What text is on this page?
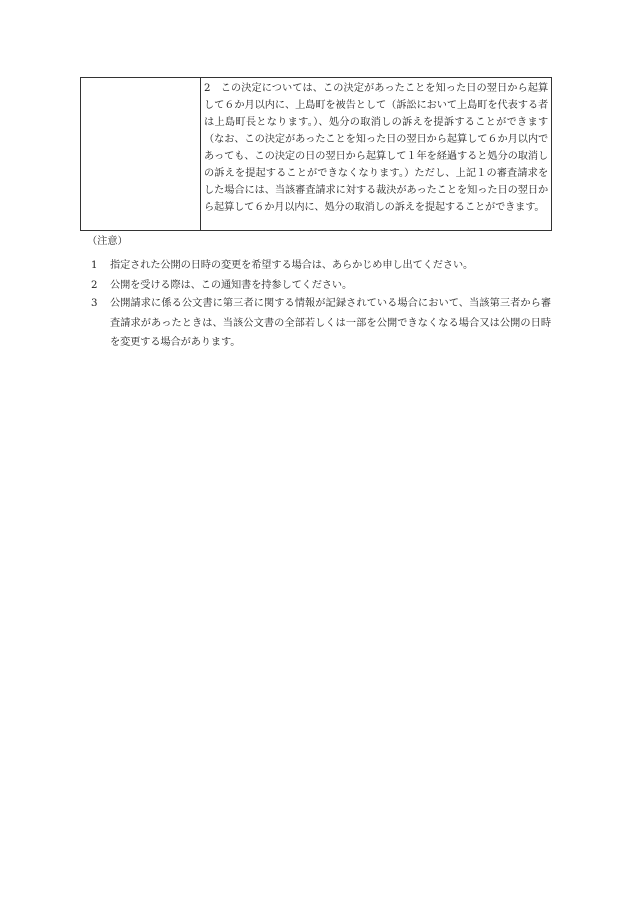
2　この決定については、この決定があったことを知った日の翌日から起算して６か月以内に、上島町を被告として（訴訟において上島町を代表する者は上島町長となります。）、処分の取消しの訴えを提訴することができます（なお、この決定があったことを知った日の翌日から起算して６か月以内であっても、この決定の日の翌日から起算して１年を経過すると処分の取消しの訴えを提起することができなくなります。）ただし、上記１の審査請求をした場合には、当該審査請求に対する裁決があったことを知った日の翌日から起算して６か月以内に、処分の取消しの訴えを提起することができます。
（注意）
1	指定された公開の日時の変更を希望する場合は、あらかじめ申し出てください。
2	公開を受ける際は、この通知書を持参してください。
3	公開請求に係る公文書に第三者に関する情報が記録されている場合において、当該第三者から審査請求があったときは、当該公文書の全部若しくは一部を公開できなくなる場合又は公開の日時を変更する場合があります。
